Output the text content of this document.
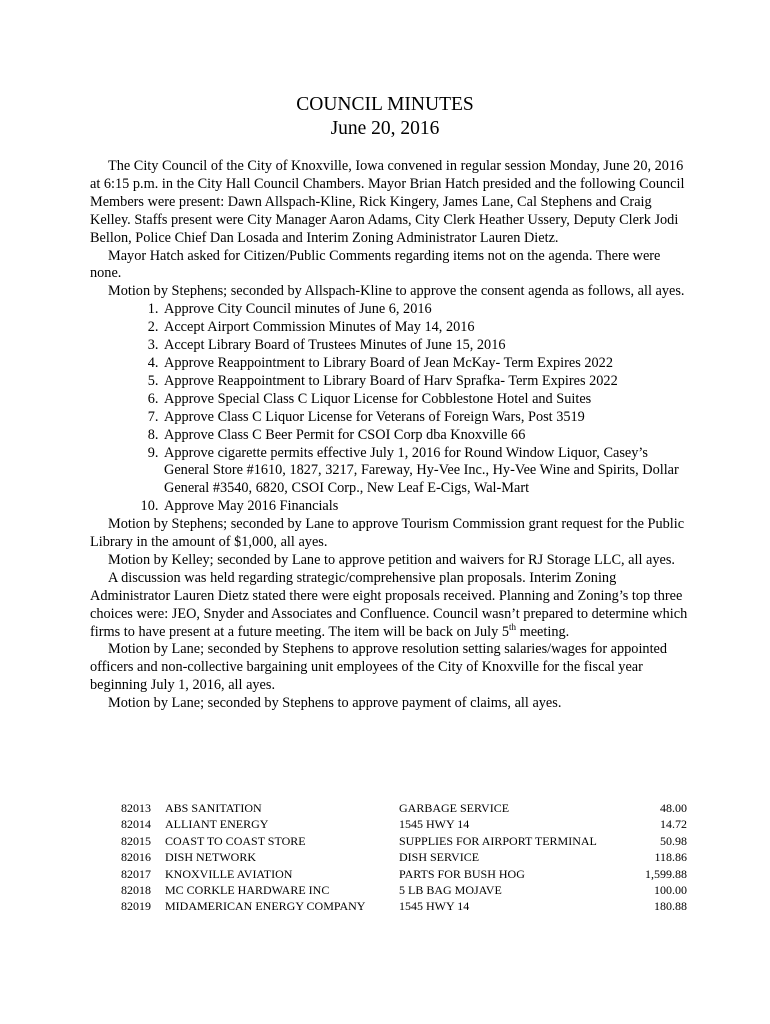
COUNCIL MINUTES
June 20, 2016

The City Council of the City of Knoxville, Iowa convened in regular session Monday, June 20, 2016 at 6:15 p.m. in the City Hall Council Chambers. Mayor Brian Hatch presided and the following Council Members were present: Dawn Allspach-Kline, Rick Kingery, James Lane, Cal Stephens and Craig Kelley. Staffs present were City Manager Aaron Adams, City Clerk Heather Ussery, Deputy Clerk Jodi Bellon, Police Chief Dan Losada and Interim Zoning Administrator Lauren Dietz.

Mayor Hatch asked for Citizen/Public Comments regarding items not on the agenda. There were none.

Motion by Stephens; seconded by Allspach-Kline to approve the consent agenda as follows, all ayes.

1. Approve City Council minutes of June 6, 2016
2. Accept Airport Commission Minutes of May 14, 2016
3. Accept Library Board of Trustees Minutes of June 15, 2016
4. Approve Reappointment to Library Board of Jean McKay- Term Expires 2022
5. Approve Reappointment to Library Board of Harv Sprafka- Term Expires 2022
6. Approve Special Class C Liquor License for Cobblestone Hotel and Suites
7. Approve Class C Liquor License for Veterans of Foreign Wars, Post 3519
8. Approve Class C Beer Permit for CSOI Corp dba Knoxville 66
9. Approve cigarette permits effective July 1, 2016 for Round Window Liquor, Casey’s General Store #1610, 1827, 3217, Fareway, Hy-Vee Inc., Hy-Vee Wine and Spirits, Dollar General #3540, 6820, CSOI Corp., New Leaf E-Cigs, Wal-Mart
10. Approve May 2016 Financials

Motion by Stephens; seconded by Lane to approve Tourism Commission grant request for the Public Library in the amount of $1,000, all ayes.

Motion by Kelley; seconded by Lane to approve petition and waivers for RJ Storage LLC, all ayes.

A discussion was held regarding strategic/comprehensive plan proposals. Interim Zoning Administrator Lauren Dietz stated there were eight proposals received. Planning and Zoning’s top three choices were: JEO, Snyder and Associates and Confluence. Council wasn’t prepared to determine which firms to have present at a future meeting. The item will be back on July 5th meeting.

Motion by Lane; seconded by Stephens to approve resolution setting salaries/wages for appointed officers and non-collective bargaining unit employees of the City of Knoxville for the fiscal year beginning July 1, 2016, all ayes.

Motion by Lane; seconded by Stephens to approve payment of claims, all ayes.

82013	ABS SANITATION	GARBAGE SERVICE	48.00
82014	ALLIANT ENERGY	1545 HWY 14	14.72
82015	COAST TO COAST STORE	SUPPLIES FOR AIRPORT TERMINAL	50.98
82016	DISH NETWORK	DISH SERVICE	118.86
82017	KNOXVILLE AVIATION	PARTS FOR BUSH HOG	1,599.88
82018	MC CORKLE HARDWARE INC	5 LB BAG MOJAVE	100.00
82019	MIDAMERICAN ENERGY COMPANY	1545 HWY 14	180.88
